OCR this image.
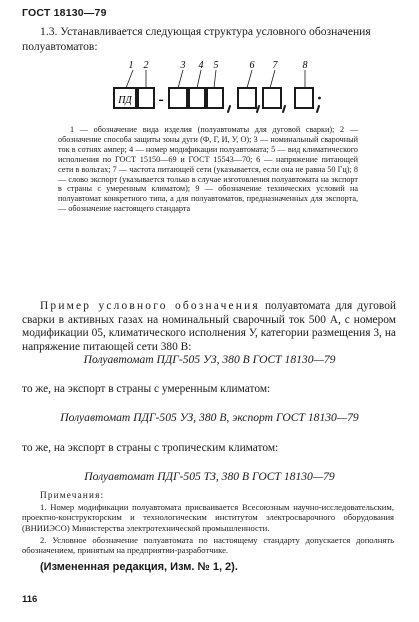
ГОСТ 18130—79
1.3. Устанавливается следующая структура условного обозначения полуавтоматов:
1 2	3 4 5	6 7	8
ПД -
1 — обозначение вида изделия (полуавтоматы для дуговой сварки); 2 — обозначение способа защиты зоны дуги (Ф, Г, И, У, О); 3 — номинальный сварочный ток в сотнях ампер; 4 — номер модификации полуавтомата; 5 — вид климатического исполнения по ГОСТ 15150—69 и ГОСТ 15543—70; 6 — напряжение питающей сети в вольтах; 7 — частота питающей сети (указывается, если она не равна 50 Гц); 8 — слово экспорт (указывается только в случае изготовления полуавтомата на экспорт в страны с умеренным климатом); 9 — обозначение технических условий на полуавтомат конкретного типа, а для полуавтоматов, предназначенных для экспорта, — обозначение настоящего стандарта
Пример условного обозначения полуавтомата для дуговой сварки в активных газах на номинальный сварочный ток 500 А, с номером модификации 05, климатического исполнения У, категории размещения 3, на напряжение питающей сети 380 В:
Полуавтомат ПДГ-505 УЗ, 380 В ГОСТ 18130—79
то же, на экспорт в страны с умеренным климатом:
Полуавтомат ПДГ-505 УЗ, 380 В, экспорт ГОСТ 18130—79
то же, на экспорт в страны с тропическим климатом:
Полуавтомат ПДГ-505 ТЗ, 380 В ГОСТ 18130—79
Примечания:
1. Номер модификации полуавтомата присваивается Всесоюзным научно-исследовательским, проектно-конструкторским и технологическим институтом электросварочного оборудования (ВНИИЭСО) Министерства электротехнической промышленности.
2. Условное обозначение полуавтомата по настоящему стандарту допускается дополнять обозначением, принятым на предприятии-разработчике.
(Измененная редакция, Изм. № 1, 2).
116
